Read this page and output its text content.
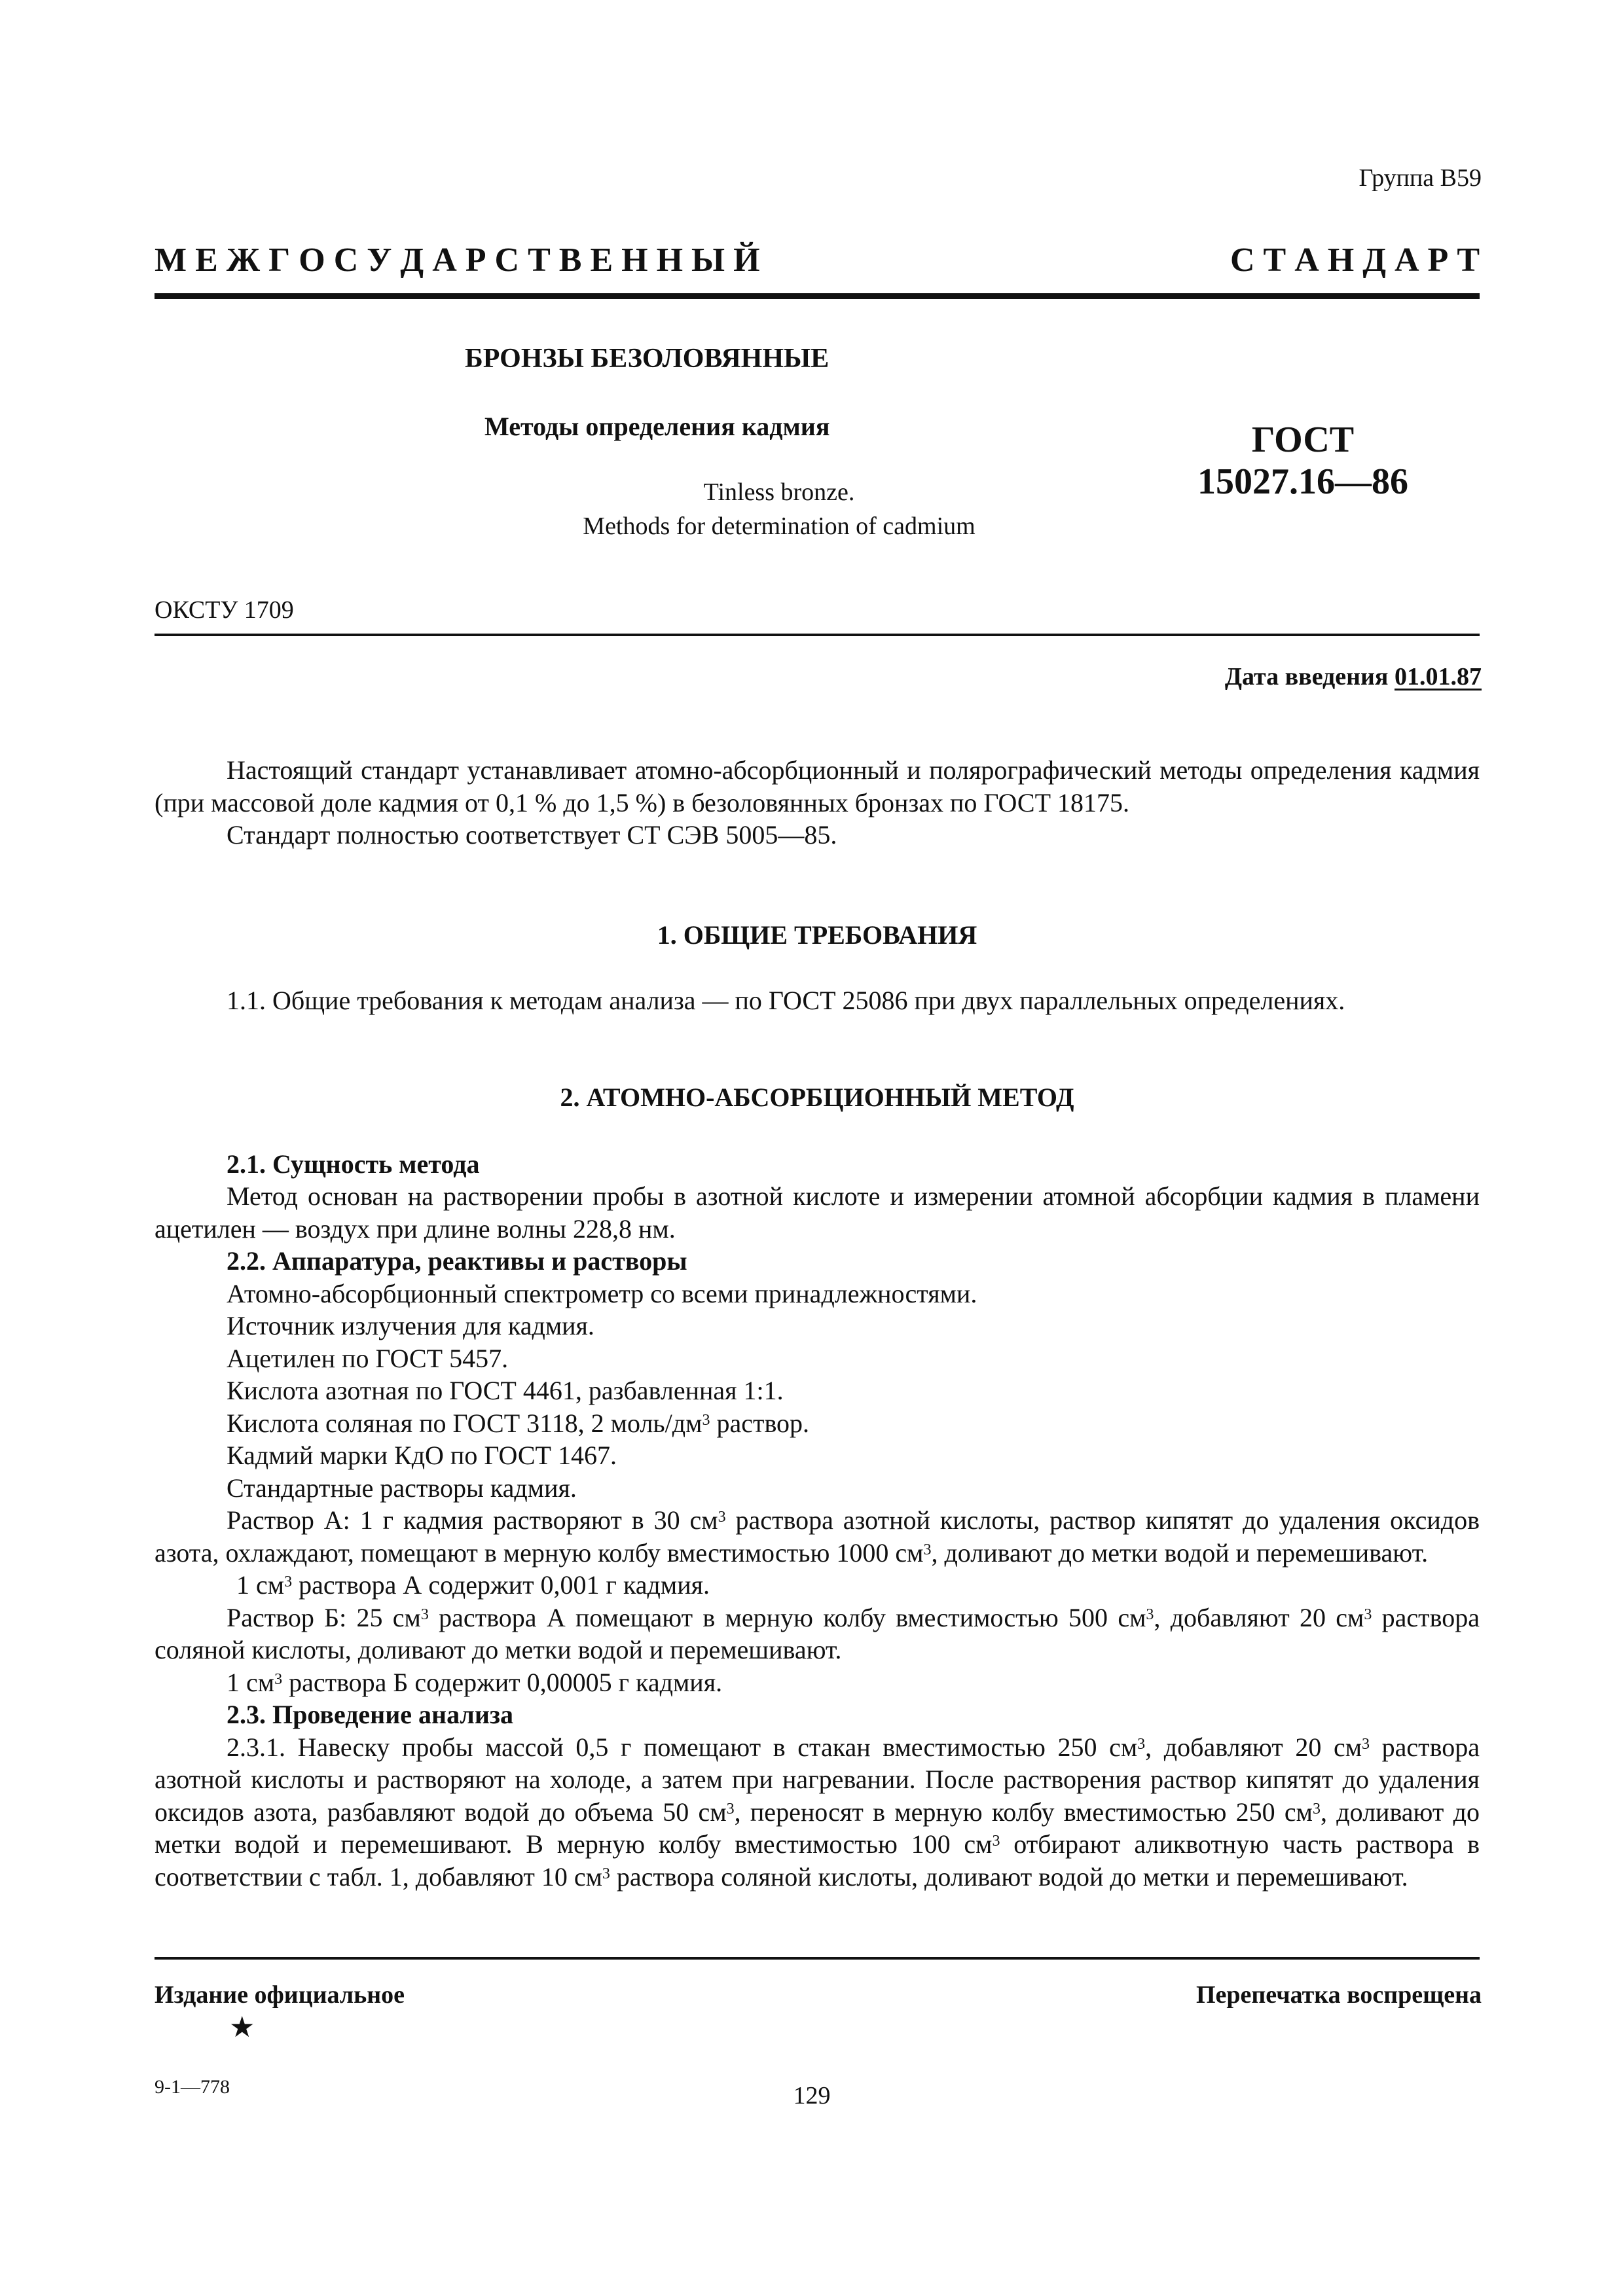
Группа В59
М Е Ж Г О С У Д А Р С Т В Е Н Н Ы Й	С Т А Н Д А Р Т
БРОНЗЫ БЕЗОЛОВЯННЫЕ
Методы определения кадмия
Tinless bronze.
Methods for determination of cadmium
ГОСТ
15027.16—86
ОКСТУ 1709
Дата введения 01.01.87

Настоящий стандарт устанавливает атомно-абсорбционный и полярографический методы определения кадмия (при массовой доле кадмия от 0,1 % до 1,5 %) в безоловянных бронзах по ГОСТ 18175.

Стандарт полностью соответствует СТ СЭВ 5005—85.

1. ОБЩИЕ ТРЕБОВАНИЯ

1.1. Общие требования к методам анализа — по ГОСТ 25086 при двух параллельных определениях.

2. АТОМНО-АБСОРБЦИОННЫЙ МЕТОД

2.1. Сущность метода

Метод основан на растворении пробы в азотной кислоте и измерении атомной абсорбции кадмия в пламени ацетилен — воздух при длине волны 228,8 нм.

2.2. Аппаратура, реактивы и растворы

Атомно-абсорбционный спектрометр со всеми принадлежностями.

Источник излучения для кадмия.

Ацетилен по ГОСТ 5457.

Кислота азотная по ГОСТ 4461, разбавленная 1:1.

Кислота соляная по ГОСТ 3118, 2 моль/$дм^3$ раствор.

Кадмий марки КдО по ГОСТ 1467.

Стандартные растворы кадмия.

Раствор А: 1 г кадмия растворяют в 30 $см^3$ раствора азотной кислоты, раствор кипятят до удаления оксидов азота, охлаждают, помещают в мерную колбу вместимостью 1000 $см^3$, доливают до метки водой и перемешивают.

1 $см^3$ раствора А содержит 0,001 г кадмия.

Раствор Б: 25 $см^3$ раствора А помещают в мерную колбу вместимостью 500 $см^3$, добавляют 20 $см^3$ раствора соляной кислоты, доливают до метки водой и перемешивают.

1 $см^3$ раствора Б содержит 0,00005 г кадмия.

2.3. Проведение анализа

2.3.1. Навеску пробы массой 0,5 г помещают в стакан вместимостью 250 $см^3$, добавляют 20 $см^3$ раствора азотной кислоты и растворяют на холоде, а затем при нагревании. После растворения раствор кипятят до удаления оксидов азота, разбавляют водой до объема 50 $см^3$, переносят в мерную колбу вместимостью 250 $см^3$, доливают до метки водой и перемешивают. В мерную колбу вместимостью 100 $см^3$ отбирают аликвотную часть раствора в соответствии с табл. 1, добавляют 10 $см^3$ раствора соляной кислоты, доливают водой до метки и перемешивают.

Издание официальное	Перепечатка воспрещена
★
9-1—778	129
